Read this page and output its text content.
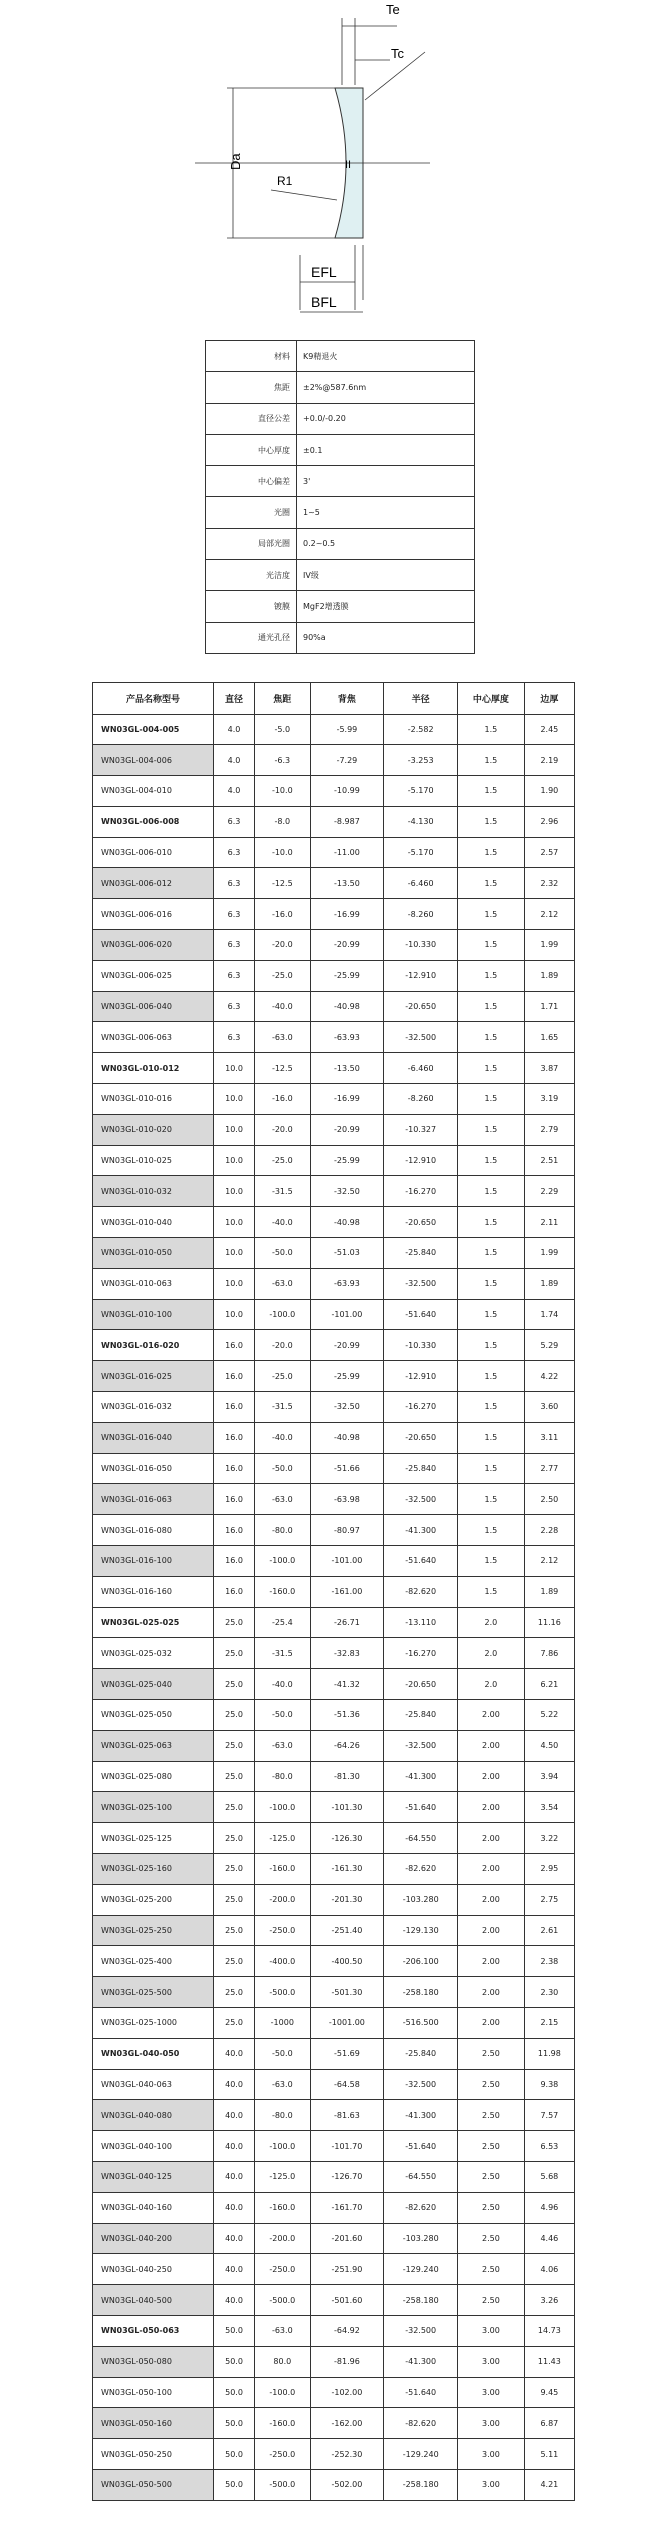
Te
Tc
Da
R1
II
EFL
BFL
材料	K9精退火
焦距	±2%@587.6nm
直径公差	+0.0/-0.20
中心厚度	±0.1
中心偏差	3'
光圈	1~5
局部光圈	0.2~0.5
光洁度	IV级
镀膜	MgF2增透膜
通光孔径	90%a
产品名称型号	直径	焦距	背焦	半径	中心厚度	边厚
WN03GL-004-005	4.0	-5.0	-5.99	-2.582	1.5	2.45
WN03GL-004-006	4.0	-6.3	-7.29	-3.253	1.5	2.19
WN03GL-004-010	4.0	-10.0	-10.99	-5.170	1.5	1.90
WN03GL-006-008	6.3	-8.0	-8.987	-4.130	1.5	2.96
WN03GL-006-010	6.3	-10.0	-11.00	-5.170	1.5	2.57
WN03GL-006-012	6.3	-12.5	-13.50	-6.460	1.5	2.32
WN03GL-006-016	6.3	-16.0	-16.99	-8.260	1.5	2.12
WN03GL-006-020	6.3	-20.0	-20.99	-10.330	1.5	1.99
WN03GL-006-025	6.3	-25.0	-25.99	-12.910	1.5	1.89
WN03GL-006-040	6.3	-40.0	-40.98	-20.650	1.5	1.71
WN03GL-006-063	6.3	-63.0	-63.93	-32.500	1.5	1.65
WN03GL-010-012	10.0	-12.5	-13.50	-6.460	1.5	3.87
WN03GL-010-016	10.0	-16.0	-16.99	-8.260	1.5	3.19
WN03GL-010-020	10.0	-20.0	-20.99	-10.327	1.5	2.79
WN03GL-010-025	10.0	-25.0	-25.99	-12.910	1.5	2.51
WN03GL-010-032	10.0	-31.5	-32.50	-16.270	1.5	2.29
WN03GL-010-040	10.0	-40.0	-40.98	-20.650	1.5	2.11
WN03GL-010-050	10.0	-50.0	-51.03	-25.840	1.5	1.99
WN03GL-010-063	10.0	-63.0	-63.93	-32.500	1.5	1.89
WN03GL-010-100	10.0	-100.0	-101.00	-51.640	1.5	1.74
WN03GL-016-020	16.0	-20.0	-20.99	-10.330	1.5	5.29
WN03GL-016-025	16.0	-25.0	-25.99	-12.910	1.5	4.22
WN03GL-016-032	16.0	-31.5	-32.50	-16.270	1.5	3.60
WN03GL-016-040	16.0	-40.0	-40.98	-20.650	1.5	3.11
WN03GL-016-050	16.0	-50.0	-51.66	-25.840	1.5	2.77
WN03GL-016-063	16.0	-63.0	-63.98	-32.500	1.5	2.50
WN03GL-016-080	16.0	-80.0	-80.97	-41.300	1.5	2.28
WN03GL-016-100	16.0	-100.0	-101.00	-51.640	1.5	2.12
WN03GL-016-160	16.0	-160.0	-161.00	-82.620	1.5	1.89
WN03GL-025-025	25.0	-25.4	-26.71	-13.110	2.0	11.16
WN03GL-025-032	25.0	-31.5	-32.83	-16.270	2.0	7.86
WN03GL-025-040	25.0	-40.0	-41.32	-20.650	2.0	6.21
WN03GL-025-050	25.0	-50.0	-51.36	-25.840	2.00	5.22
WN03GL-025-063	25.0	-63.0	-64.26	-32.500	2.00	4.50
WN03GL-025-080	25.0	-80.0	-81.30	-41.300	2.00	3.94
WN03GL-025-100	25.0	-100.0	-101.30	-51.640	2.00	3.54
WN03GL-025-125	25.0	-125.0	-126.30	-64.550	2.00	3.22
WN03GL-025-160	25.0	-160.0	-161.30	-82.620	2.00	2.95
WN03GL-025-200	25.0	-200.0	-201.30	-103.280	2.00	2.75
WN03GL-025-250	25.0	-250.0	-251.40	-129.130	2.00	2.61
WN03GL-025-400	25.0	-400.0	-400.50	-206.100	2.00	2.38
WN03GL-025-500	25.0	-500.0	-501.30	-258.180	2.00	2.30
WN03GL-025-1000	25.0	-1000	-1001.00	-516.500	2.00	2.15
WN03GL-040-050	40.0	-50.0	-51.69	-25.840	2.50	11.98
WN03GL-040-063	40.0	-63.0	-64.58	-32.500	2.50	9.38
WN03GL-040-080	40.0	-80.0	-81.63	-41.300	2.50	7.57
WN03GL-040-100	40.0	-100.0	-101.70	-51.640	2.50	6.53
WN03GL-040-125	40.0	-125.0	-126.70	-64.550	2.50	5.68
WN03GL-040-160	40.0	-160.0	-161.70	-82.620	2.50	4.96
WN03GL-040-200	40.0	-200.0	-201.60	-103.280	2.50	4.46
WN03GL-040-250	40.0	-250.0	-251.90	-129.240	2.50	4.06
WN03GL-040-500	40.0	-500.0	-501.60	-258.180	2.50	3.26
WN03GL-050-063	50.0	-63.0	-64.92	-32.500	3.00	14.73
WN03GL-050-080	50.0	80.0	-81.96	-41.300	3.00	11.43
WN03GL-050-100	50.0	-100.0	-102.00	-51.640	3.00	9.45
WN03GL-050-160	50.0	-160.0	-162.00	-82.620	3.00	6.87
WN03GL-050-250	50.0	-250.0	-252.30	-129.240	3.00	5.11
WN03GL-050-500	50.0	-500.0	-502.00	-258.180	3.00	4.21
